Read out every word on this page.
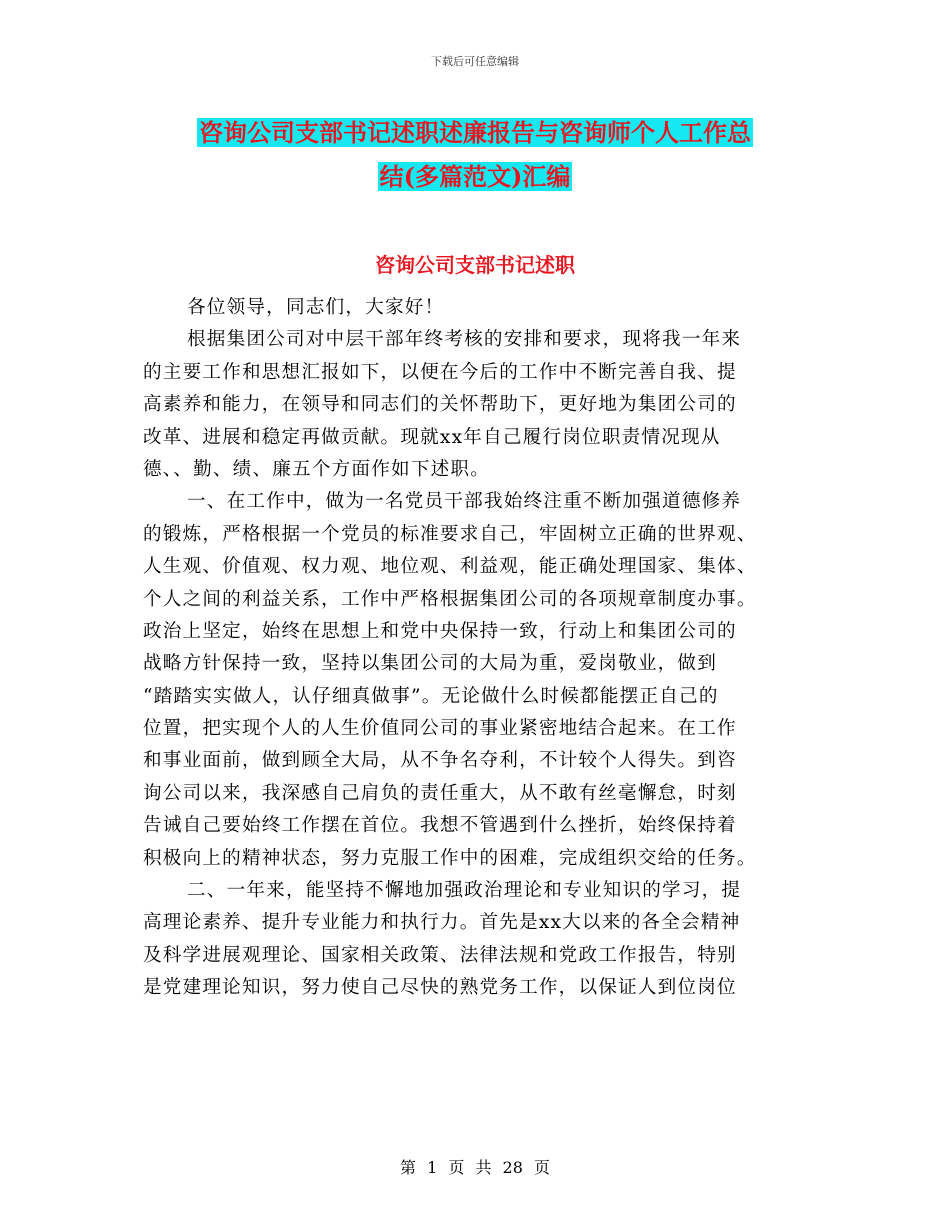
下载后可任意编辑
咨询公司支部书记述职述廉报告与咨询师个人工作总
结(多篇范文)汇编
咨询公司支部书记述职
各位领导，同志们，大家好！
根据集团公司对中层干部年终考核的安排和要求，现将我一年来
的主要工作和思想汇报如下，以便在今后的工作中不断完善自我、提
高素养和能力，在领导和同志们的关怀帮助下，更好地为集团公司的
改革、进展和稳定再做贡献。现就xx年自己履行岗位职责情况现从
德、、勤、绩、廉五个方面作如下述职。
一、在工作中，做为一名党员干部我始终注重不断加强道德修养
的锻炼，严格根据一个党员的标准要求自己，牢固树立正确的世界观、
人生观、价值观、权力观、地位观、利益观，能正确处理国家、集体、
个人之间的利益关系，工作中严格根据集团公司的各项规章制度办事。
政治上坚定，始终在思想上和党中央保持一致，行动上和集团公司的
战略方针保持一致，坚持以集团公司的大局为重，爱岗敬业，做到
“踏踏实实做人，认仔细真做事”。无论做什么时候都能摆正自己的
位置，把实现个人的人生价值同公司的事业紧密地结合起来。在工作
和事业面前，做到顾全大局，从不争名夺利，不计较个人得失。到咨
询公司以来，我深感自己肩负的责任重大，从不敢有丝毫懈怠，时刻
告诫自己要始终工作摆在首位。我想不管遇到什么挫折，始终保持着
积极向上的精神状态，努力克服工作中的困难，完成组织交给的任务。
二、一年来，能坚持不懈地加强政治理论和专业知识的学习，提
高理论素养、提升专业能力和执行力。首先是xx大以来的各全会精神
及科学进展观理论、国家相关政策、法律法规和党政工作报告，特别
是党建理论知识，努力使自己尽快的熟党务工作，以保证人到位岗位
第 1 页 共 28 页
